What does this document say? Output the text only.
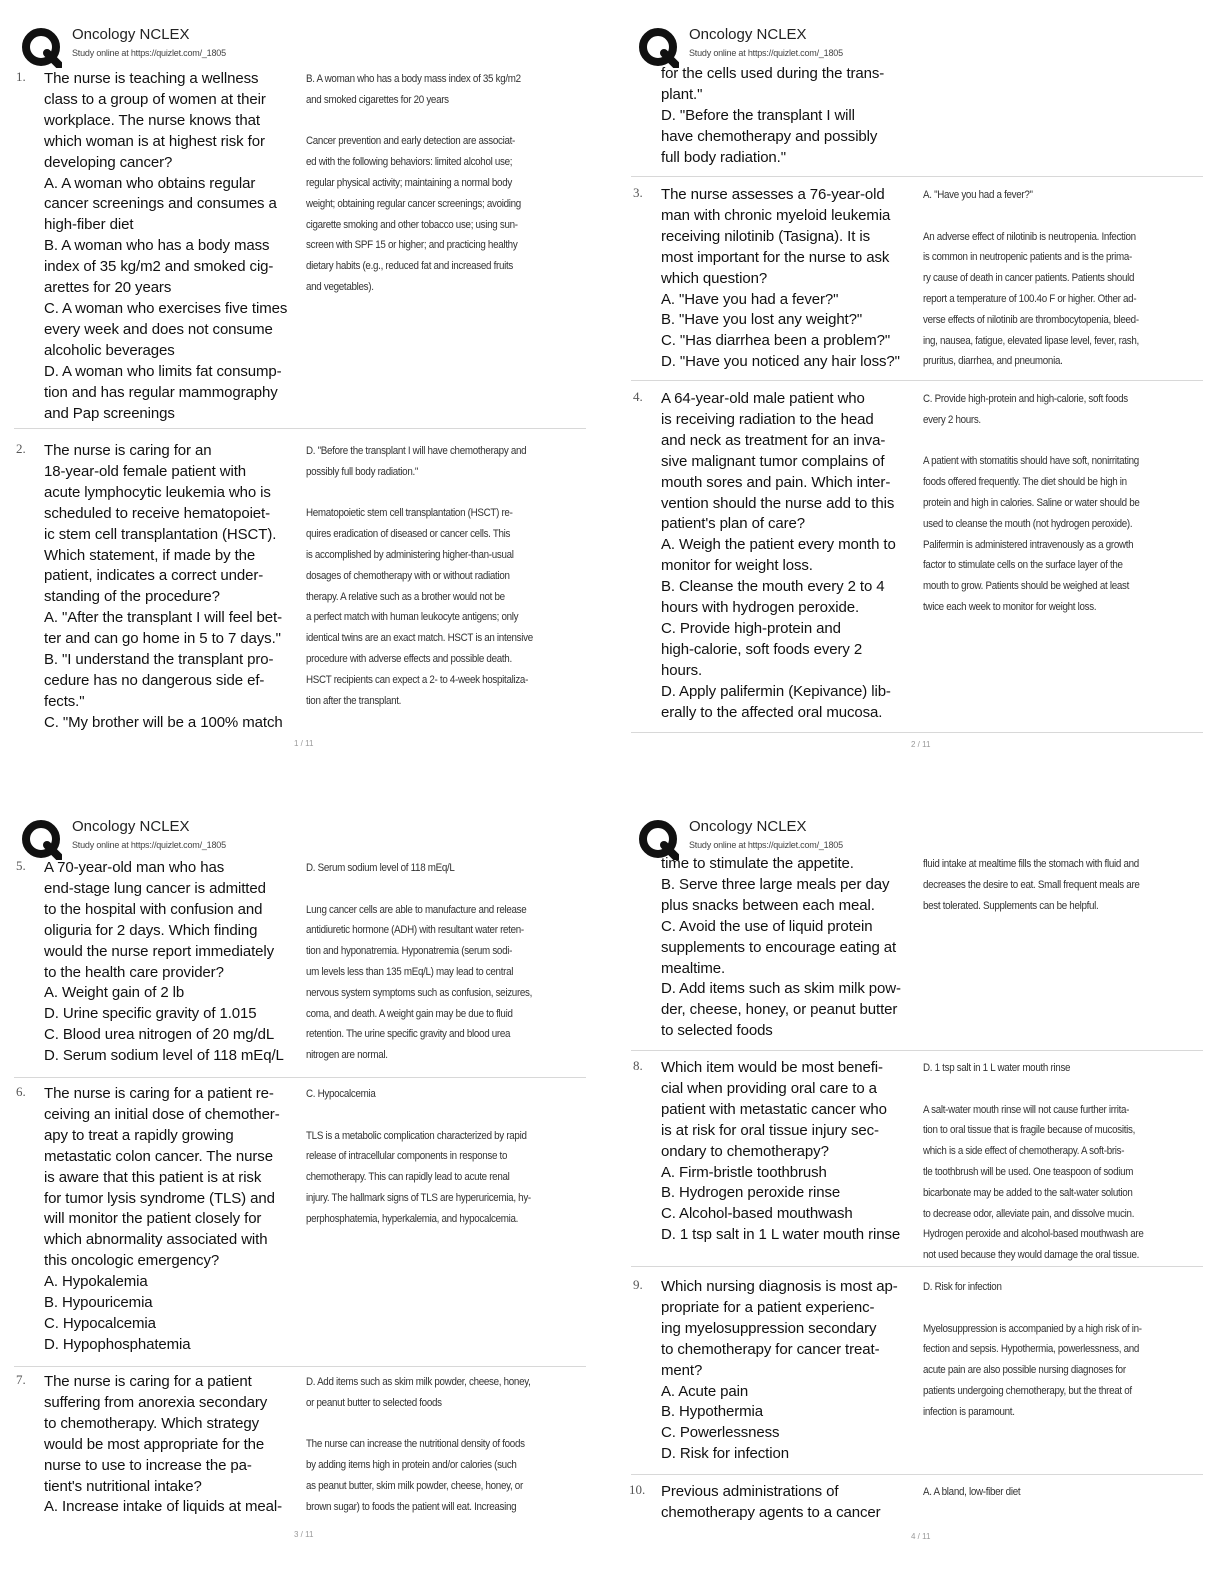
Oncology NCLEX
Study online at https://quizlet.com/_1805
1. The nurse is teaching a wellness
class to a group of women at their
workplace. The nurse knows that
which woman is at highest risk for
developing cancer?
A. A woman who obtains regular
cancer screenings and consumes a
high-fiber diet
B. A woman who has a body mass
index of 35 kg/m2 and smoked cig-
arettes for 20 years
C. A woman who exercises five times
every week and does not consume
alcoholic beverages
D. A woman who limits fat consump-
tion and has regular mammography
and Pap screenings
B. A woman who has a body mass index of 35 kg/m2
and smoked cigarettes for 20 years
Cancer prevention and early detection are associat-
ed with the following behaviors: limited alcohol use;
regular physical activity; maintaining a normal body
weight; obtaining regular cancer screenings; avoiding
cigarette smoking and other tobacco use; using sun-
screen with SPF 15 or higher; and practicing healthy
dietary habits (e.g., reduced fat and increased fruits
and vegetables).
2. The nurse is caring for an
18-year-old female patient with
acute lymphocytic leukemia who is
scheduled to receive hematopoiet-
ic stem cell transplantation (HSCT).
Which statement, if made by the
patient, indicates a correct under-
standing of the procedure?
A. "After the transplant I will feel bet-
ter and can go home in 5 to 7 days."
B. "I understand the transplant pro-
cedure has no dangerous side ef-
fects."
C. "My brother will be a 100% match
D. "Before the transplant I will have chemotherapy and
possibly full body radiation."
Hematopoietic stem cell transplantation (HSCT) re-
quires eradication of diseased or cancer cells. This
is accomplished by administering higher-than-usual
dosages of chemotherapy with or without radiation
therapy. A relative such as a brother would not be
a perfect match with human leukocyte antigens; only
identical twins are an exact match. HSCT is an intensive
procedure with adverse effects and possible death.
HSCT recipients can expect a 2- to 4-week hospitaliza-
tion after the transplant.
1 / 11
Oncology NCLEX
Study online at https://quizlet.com/_1805
for the cells used during the trans-
plant."
D. "Before the transplant I will
have chemotherapy and possibly
full body radiation."
3. The nurse assesses a 76-year-old
man with chronic myeloid leukemia
receiving nilotinib (Tasigna). It is
most important for the nurse to ask
which question?
A. "Have you had a fever?"
B. "Have you lost any weight?"
C. "Has diarrhea been a problem?"
D. "Have you noticed any hair loss?"
A. "Have you had a fever?"
An adverse effect of nilotinib is neutropenia. Infection
is common in neutropenic patients and is the prima-
ry cause of death in cancer patients. Patients should
report a temperature of 100.4o F or higher. Other ad-
verse effects of nilotinib are thrombocytopenia, bleed-
ing, nausea, fatigue, elevated lipase level, fever, rash,
pruritus, diarrhea, and pneumonia.
4. A 64-year-old male patient who
is receiving radiation to the head
and neck as treatment for an inva-
sive malignant tumor complains of
mouth sores and pain. Which inter-
vention should the nurse add to this
patient's plan of care?
A. Weigh the patient every month to
monitor for weight loss.
B. Cleanse the mouth every 2 to 4
hours with hydrogen peroxide.
C. Provide high-protein and
high-calorie, soft foods every 2
hours.
D. Apply palifermin (Kepivance) lib-
erally to the affected oral mucosa.
C. Provide high-protein and high-calorie, soft foods
every 2 hours.
A patient with stomatitis should have soft, nonirritating
foods offered frequently. The diet should be high in
protein and high in calories. Saline or water should be
used to cleanse the mouth (not hydrogen peroxide).
Palifermin is administered intravenously as a growth
factor to stimulate cells on the surface layer of the
mouth to grow. Patients should be weighed at least
twice each week to monitor for weight loss.
2 / 11
Oncology NCLEX
Study online at https://quizlet.com/_1805
5. A 70-year-old man who has
end-stage lung cancer is admitted
to the hospital with confusion and
oliguria for 2 days. Which finding
would the nurse report immediately
to the health care provider?
A. Weight gain of 2 lb
D. Urine specific gravity of 1.015
C. Blood urea nitrogen of 20 mg/dL
D. Serum sodium level of 118 mEq/L
D. Serum sodium level of 118 mEq/L
Lung cancer cells are able to manufacture and release
antidiuretic hormone (ADH) with resultant water reten-
tion and hyponatremia. Hyponatremia (serum sodi-
um levels less than 135 mEq/L) may lead to central
nervous system symptoms such as confusion, seizures,
coma, and death. A weight gain may be due to fluid
retention. The urine specific gravity and blood urea
nitrogen are normal.
6. The nurse is caring for a patient re-
ceiving an initial dose of chemother-
apy to treat a rapidly growing
metastatic colon cancer. The nurse
is aware that this patient is at risk
for tumor lysis syndrome (TLS) and
will monitor the patient closely for
which abnormality associated with
this oncologic emergency?
A. Hypokalemia
B. Hypouricemia
C. Hypocalcemia
D. Hypophosphatemia
C. Hypocalcemia
TLS is a metabolic complication characterized by rapid
release of intracellular components in response to
chemotherapy. This can rapidly lead to acute renal
injury. The hallmark signs of TLS are hyperuricemia, hy-
perphosphatemia, hyperkalemia, and hypocalcemia.
7. The nurse is caring for a patient
suffering from anorexia secondary
to chemotherapy. Which strategy
would be most appropriate for the
nurse to use to increase the pa-
tient's nutritional intake?
A. Increase intake of liquids at meal-
D. Add items such as skim milk powder, cheese, honey,
or peanut butter to selected foods
The nurse can increase the nutritional density of foods
by adding items high in protein and/or calories (such
as peanut butter, skim milk powder, cheese, honey, or
brown sugar) to foods the patient will eat. Increasing
3 / 11
Oncology NCLEX
Study online at https://quizlet.com/_1805
time to stimulate the appetite.
B. Serve three large meals per day
plus snacks between each meal.
C. Avoid the use of liquid protein
supplements to encourage eating at
mealtime.
D. Add items such as skim milk pow-
der, cheese, honey, or peanut butter
to selected foods
fluid intake at mealtime fills the stomach with fluid and
decreases the desire to eat. Small frequent meals are
best tolerated. Supplements can be helpful.
8. Which item would be most benefi-
cial when providing oral care to a
patient with metastatic cancer who
is at risk for oral tissue injury sec-
ondary to chemotherapy?
A. Firm-bristle toothbrush
B. Hydrogen peroxide rinse
C. Alcohol-based mouthwash
D. 1 tsp salt in 1 L water mouth rinse
D. 1 tsp salt in 1 L water mouth rinse
A salt-water mouth rinse will not cause further irrita-
tion to oral tissue that is fragile because of mucositis,
which is a side effect of chemotherapy. A soft-bris-
tle toothbrush will be used. One teaspoon of sodium
bicarbonate may be added to the salt-water solution
to decrease odor, alleviate pain, and dissolve mucin.
Hydrogen peroxide and alcohol-based mouthwash are
not used because they would damage the oral tissue.
9. Which nursing diagnosis is most ap-
propriate for a patient experienc-
ing myelosuppression secondary
to chemotherapy for cancer treat-
ment?
A. Acute pain
B. Hypothermia
C. Powerlessness
D. Risk for infection
D. Risk for infection
Myelosuppression is accompanied by a high risk of in-
fection and sepsis. Hypothermia, powerlessness, and
acute pain are also possible nursing diagnoses for
patients undergoing chemotherapy, but the threat of
infection is paramount.
10. Previous administrations of
chemotherapy agents to a cancer
A. A bland, low-fiber diet
4 / 11
